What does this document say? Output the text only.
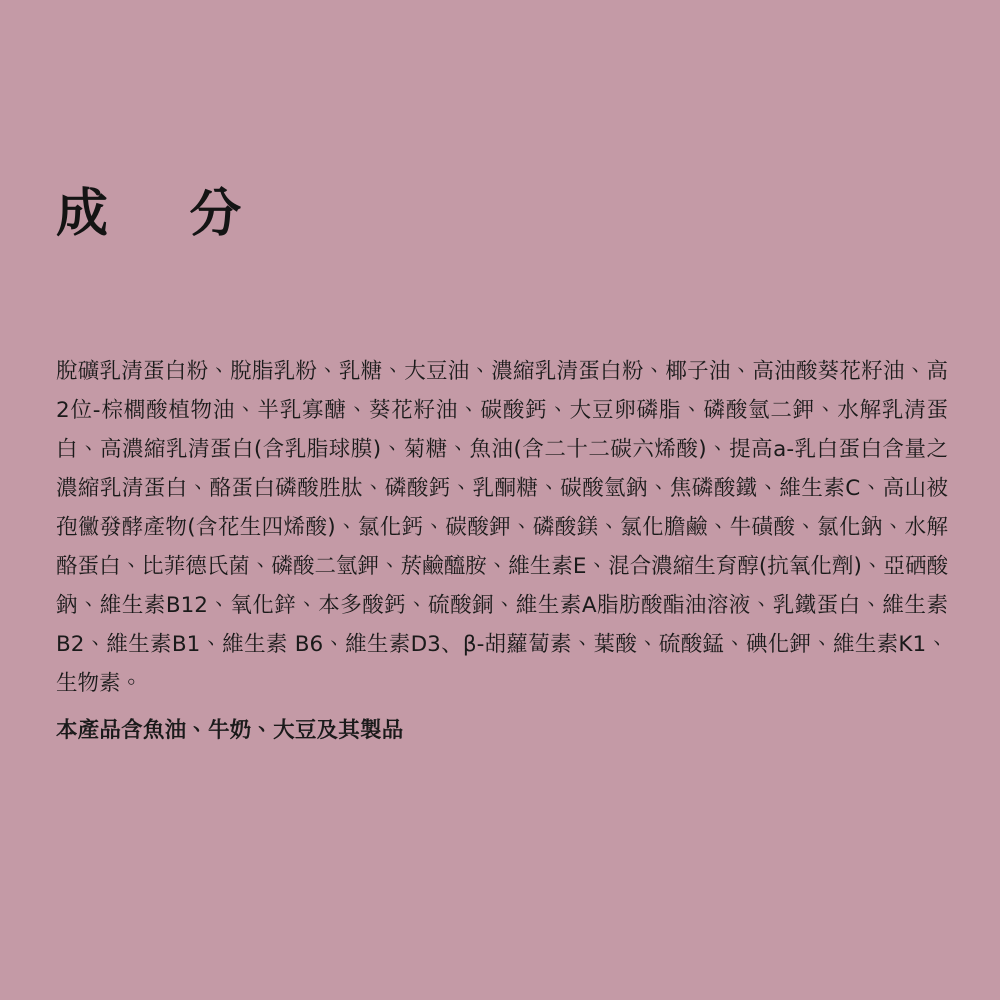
成　分

脫礦乳清蛋白粉、脫脂乳粉、乳糖、大豆油、濃縮乳清蛋白粉、椰子油、高油酸葵花籽油、高2位-棕櫚酸植物油、半乳寡醣、葵花籽油、碳酸鈣、大豆卵磷脂、磷酸氫二鉀、水解乳清蛋白、高濃縮乳清蛋白(含乳脂球膜)、菊糖、魚油(含二十二碳六烯酸)、提高a-乳白蛋白含量之濃縮乳清蛋白、酪蛋白磷酸胜肽、磷酸鈣、乳酮糖、碳酸氫鈉、焦磷酸鐵、維生素C、高山被孢黴發酵產物(含花生四烯酸)、氯化鈣、碳酸鉀、磷酸鎂、氯化膽鹼、牛磺酸、氯化鈉、水解酪蛋白、比菲德氏菌、磷酸二氫鉀、菸鹼醯胺、維生素E、混合濃縮生育醇(抗氧化劑)、亞硒酸鈉、維生素B12、氧化鋅、本多酸鈣、硫酸銅、維生素A脂肪酸酯油溶液、乳鐵蛋白、維生素B2、維生素B1、維生素 B6、維生素D3、β-胡蘿蔔素、葉酸、硫酸錳、碘化鉀、維生素K1、生物素。

本產品含魚油、牛奶、大豆及其製品
